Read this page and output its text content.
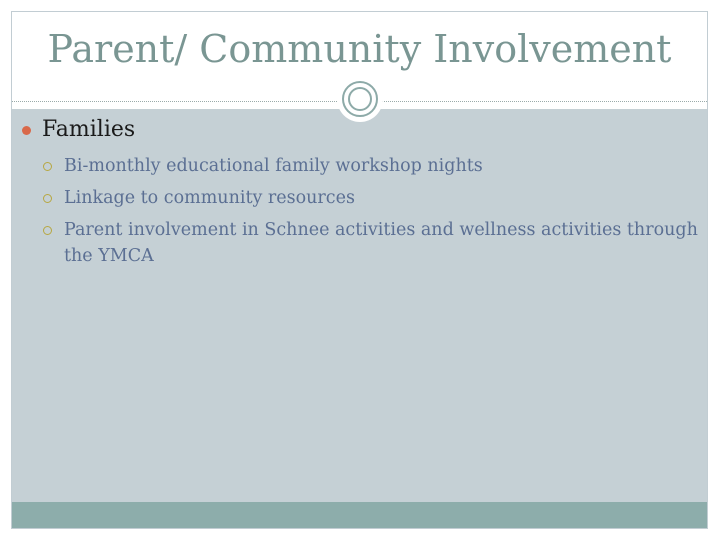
Parent/ Community Involvement
Families
Bi-monthly educational family workshop nights
Linkage to community resources
Parent involvement in Schnee activities and wellness activities through the YMCA
